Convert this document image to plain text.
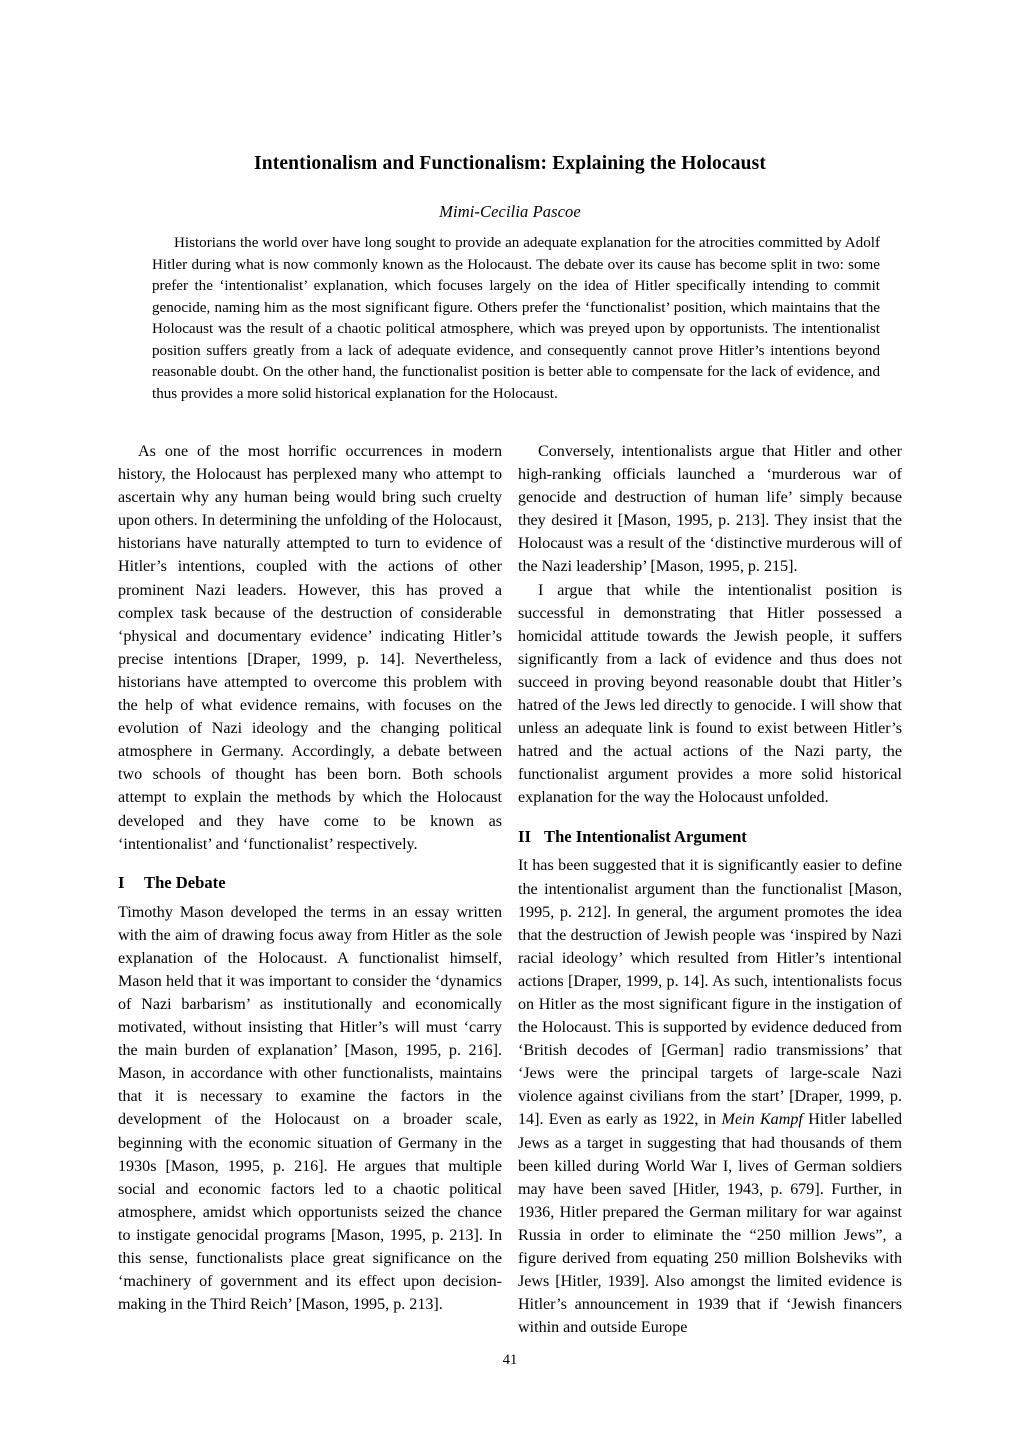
Intentionalism and Functionalism: Explaining the Holocaust

Mimi-Cecilia Pascoe

Historians the world over have long sought to provide an adequate explanation for the atrocities committed by Adolf Hitler during what is now commonly known as the Holocaust. The debate over its cause has become split in two: some prefer the ‘intentionalist’ explanation, which focuses largely on the idea of Hitler specifically intending to commit genocide, naming him as the most significant figure. Others prefer the ‘functionalist’ position, which maintains that the Holocaust was the result of a chaotic political atmosphere, which was preyed upon by opportunists. The intentionalist position suffers greatly from a lack of adequate evidence, and consequently cannot prove Hitler’s intentions beyond reasonable doubt. On the other hand, the functionalist position is better able to compensate for the lack of evidence, and thus provides a more solid historical explanation for the Holocaust.

As one of the most horrific occurrences in modern history, the Holocaust has perplexed many who attempt to ascertain why any human being would bring such cruelty upon others. In determining the unfolding of the Holocaust, historians have naturally attempted to turn to evidence of Hitler’s intentions, coupled with the actions of other prominent Nazi leaders. However, this has proved a complex task because of the destruction of considerable ‘physical and documentary evidence’ indicating Hitler’s precise intentions [Draper, 1999, p. 14]. Nevertheless, historians have attempted to overcome this problem with the help of what evidence remains, with focuses on the evolution of Nazi ideology and the changing political atmosphere in Germany. Accordingly, a debate between two schools of thought has been born. Both schools attempt to explain the methods by which the Holocaust developed and they have come to be known as ‘intentionalist’ and ‘functionalist’ respectively.

I The Debate

Timothy Mason developed the terms in an essay written with the aim of drawing focus away from Hitler as the sole explanation of the Holocaust. A functionalist himself, Mason held that it was important to consider the ‘dynamics of Nazi barbarism’ as institutionally and economically motivated, without insisting that Hitler’s will must ‘carry the main burden of explanation’ [Mason, 1995, p. 216]. Mason, in accordance with other functionalists, maintains that it is necessary to examine the factors in the development of the Holocaust on a broader scale, beginning with the economic situation of Germany in the 1930s [Mason, 1995, p. 216]. He argues that multiple social and economic factors led to a chaotic political atmosphere, amidst which opportunists seized the chance to instigate genocidal programs [Mason, 1995, p. 213]. In this sense, functionalists place great significance on the ‘machinery of government and its effect upon decision-making in the Third Reich’ [Mason, 1995, p. 213].

Conversely, intentionalists argue that Hitler and other high-ranking officials launched a ‘murderous war of genocide and destruction of human life’ simply because they desired it [Mason, 1995, p. 213]. They insist that the Holocaust was a result of the ‘distinctive murderous will of the Nazi leadership’ [Mason, 1995, p. 215].

I argue that while the intentionalist position is successful in demonstrating that Hitler possessed a homicidal attitude towards the Jewish people, it suffers significantly from a lack of evidence and thus does not succeed in proving beyond reasonable doubt that Hitler’s hatred of the Jews led directly to genocide. I will show that unless an adequate link is found to exist between Hitler’s hatred and the actual actions of the Nazi party, the functionalist argument provides a more solid historical explanation for the way the Holocaust unfolded.

II The Intentionalist Argument

It has been suggested that it is significantly easier to define the intentionalist argument than the functionalist [Mason, 1995, p. 212]. In general, the argument promotes the idea that the destruction of Jewish people was ‘inspired by Nazi racial ideology’ which resulted from Hitler’s intentional actions [Draper, 1999, p. 14]. As such, intentionalists focus on Hitler as the most significant figure in the instigation of the Holocaust. This is supported by evidence deduced from ‘British decodes of [German] radio transmissions’ that ‘Jews were the principal targets of large-scale Nazi violence against civilians from the start’ [Draper, 1999, p. 14]. Even as early as 1922, in Mein Kampf Hitler labelled Jews as a target in suggesting that had thousands of them been killed during World War I, lives of German soldiers may have been saved [Hitler, 1943, p. 679]. Further, in 1936, Hitler prepared the German military for war against Russia in order to eliminate the “250 million Jews”, a figure derived from equating 250 million Bolsheviks with Jews [Hitler, 1939]. Also amongst the limited evidence is Hitler’s announcement in 1939 that if ‘Jewish financers within and outside Europe

41
